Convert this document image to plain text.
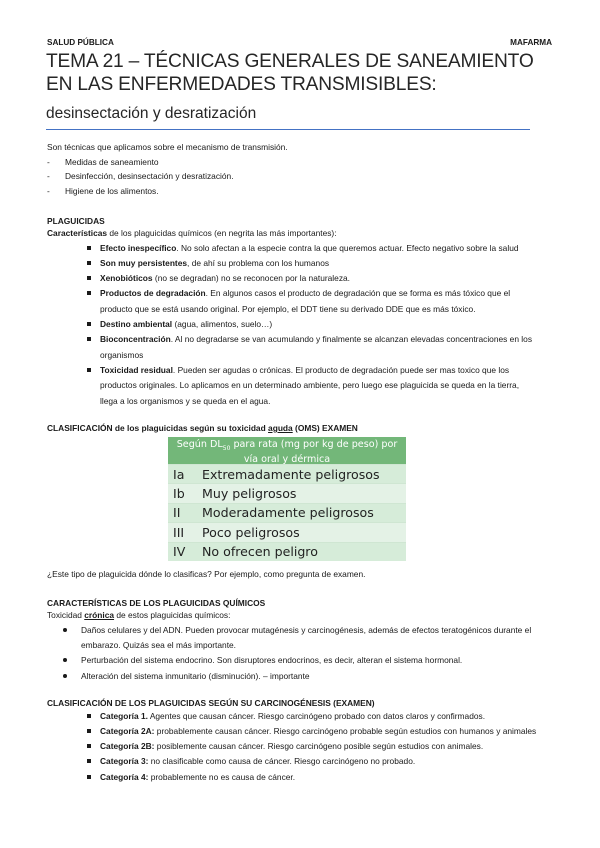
SALUD PÚBLICA	MAFARMA
TEMA 21 – TÉCNICAS GENERALES DE SANEAMIENTO EN LAS ENFERMEDADES TRANSMISIBLES:
desinsectación y desratización

Son técnicas que aplicamos sobre el mecanismo de transmisión.

- Medidas de saneamiento
- Desinfección, desinsectación y desratización.
- Higiene de los alimentos.

PLAGUICIDAS

Características de los plaguicidas químicos (en negrita las más importantes):

Efecto inespecífico. No solo afectan a la especie contra la que queremos actuar. Efecto negativo sobre la salud
Son muy persistentes, de ahí su problema con los humanos
Xenobióticos (no se degradan) no se reconocen por la naturaleza.
Productos de degradación. En algunos casos el producto de degradación que se forma es más tóxico que el producto que se está usando original. Por ejemplo, el DDT tiene su derivado DDE que es más tóxico.
Destino ambiental (agua, alimentos, suelo…)
Bioconcentración. Al no degradarse se van acumulando y finalmente se alcanzan elevadas concentraciones en los organismos
Toxicidad residual. Pueden ser agudas o crónicas. El producto de degradación puede ser mas toxico que los productos originales. Lo aplicamos en un determinado ambiente, pero luego ese plaguicida se queda en la tierra, llega a los organismos y se queda en el agua.

CLASIFICACIÓN de los plaguicidas según su toxicidad aguda (OMS) EXAMEN

Según $DL_{50}$ para rata (mg por kg de peso) por vía oral y dérmica
Ia	Extremadamente peligrosos
Ib	Muy peligrosos
II	Moderadamente peligrosos
III	Poco peligrosos
IV	No ofrecen peligro

¿Este tipo de plaguicida dónde lo clasificas? Por ejemplo, como pregunta de examen.

CARACTERÍSTICAS DE LOS PLAGUICIDAS QUÍMICOS

Toxicidad crónica de estos plaguicidas químicos:

Daños celulares y del ADN. Pueden provocar mutagénesis y carcinogénesis, además de efectos teratogénicos durante el embarazo. Quizás sea el más importante.
Perturbación del sistema endocrino. Son disruptores endocrinos, es decir, alteran el sistema hormonal.
Alteración del sistema inmunitario (disminución). – importante

CLASIFICACIÓN DE LOS PLAGUICIDAS SEGÚN SU CARCINOGÉNESIS (EXAMEN)

Categoría 1. Agentes que causan cáncer. Riesgo carcinógeno probado con datos claros y confirmados.
Categoría 2A: probablemente causan cáncer. Riesgo carcinógeno probable según estudios con humanos y animales
Categoría 2B: posiblemente causan cáncer. Riesgo carcinógeno posible según estudios con animales.
Categoría 3: no clasificable como causa de cáncer. Riesgo carcinógeno no probado.
Categoría 4: probablemente no es causa de cáncer.
